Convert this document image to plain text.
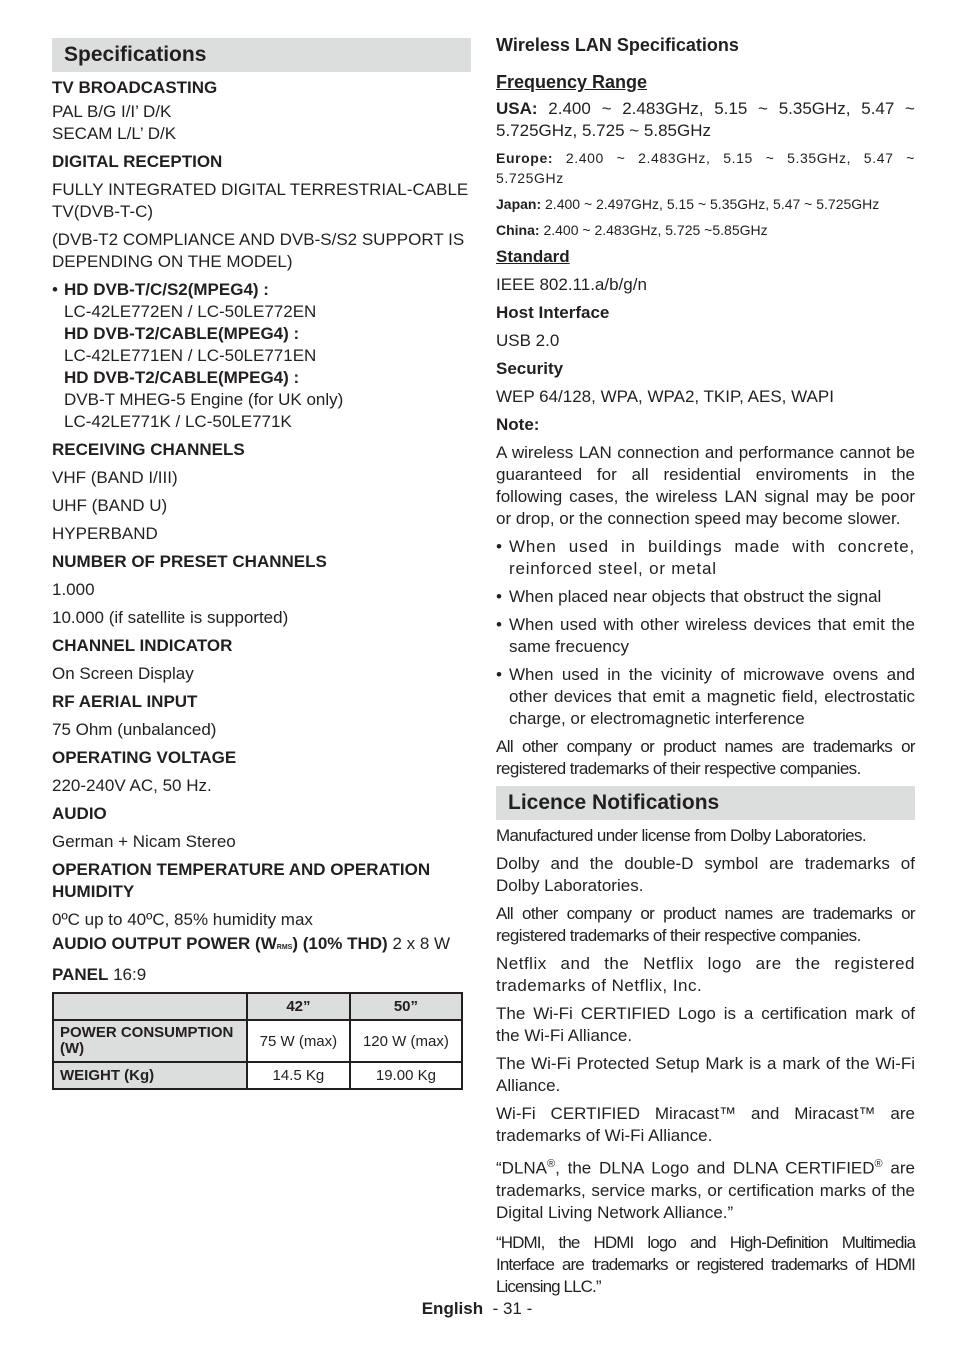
Specifications
TV BROADCASTING
PAL B/G I/I’ D/K
SECAM L/L’ D/K
DIGITAL RECEPTION
FULLY INTEGRATED DIGITAL TERRESTRIAL-CABLE TV(DVB-T-C)
(DVB-T2 COMPLIANCE AND DVB-S/S2 SUPPORT IS DEPENDING ON THE MODEL)
• HD DVB-T/C/S2(MPEG4) :
LC-42LE772EN / LC-50LE772EN
HD DVB-T2/CABLE(MPEG4) :
LC-42LE771EN / LC-50LE771EN
HD DVB-T2/CABLE(MPEG4) :
DVB-T MHEG-5 Engine (for UK only)
LC-42LE771K / LC-50LE771K
RECEIVING CHANNELS
VHF (BAND I/III)
UHF (BAND U)
HYPERBAND
NUMBER OF PRESET CHANNELS
1.000
10.000 (if satellite is supported)
CHANNEL INDICATOR
On Screen Display
RF AERIAL INPUT
75 Ohm (unbalanced)
OPERATING VOLTAGE
220-240V AC, 50 Hz.
AUDIO
German + Nicam Stereo
OPERATION TEMPERATURE AND OPERATION HUMIDITY
0ºC up to 40ºC, 85% humidity max
AUDIO OUTPUT POWER (WRMS) (10% THD) 2 x 8 W
PANEL 16:9
	42”	50”
POWER CONSUMPTION (W)	75 W (max)	120 W (max)
WEIGHT (Kg)	14.5 Kg	19.00 Kg
Wireless LAN Specifications
Frequency Range
USA: 2.400 ~ 2.483GHz, 5.15 ~ 5.35GHz, 5.47 ~ 5.725GHz, 5.725 ~ 5.85GHz
Europe: 2.400 ~ 2.483GHz, 5.15 ~ 5.35GHz, 5.47 ~ 5.725GHz
Japan: 2.400 ~ 2.497GHz, 5.15 ~ 5.35GHz, 5.47 ~ 5.725GHz
China: 2.400 ~ 2.483GHz, 5.725 ~5.85GHz
Standard
IEEE 802.11.a/b/g/n
Host Interface
USB 2.0
Security
WEP 64/128, WPA, WPA2, TKIP, AES, WAPI
Note:
A wireless LAN connection and performance cannot be guaranteed for all residential enviroments in the following cases, the wireless LAN signal may be poor or drop, or the connection speed may become slower.
• When used in buildings made with concrete, reinforced steel, or metal
• When placed near objects that obstruct the signal
• When used with other wireless devices that emit the same frecuency
• When used in the vicinity of microwave ovens and other devices that emit a magnetic field, electrostatic charge, or electromagnetic interference
All other company or product names are trademarks or registered trademarks of their respective companies.
Licence Notifications
Manufactured under license from Dolby Laboratories.
Dolby and the double-D symbol are trademarks of Dolby Laboratories.
All other company or product names are trademarks or registered trademarks of their respective companies.
Netflix and the Netflix logo are the registered trademarks of Netflix, Inc.
The Wi-Fi CERTIFIED Logo is a certification mark of the Wi-Fi Alliance.
The Wi-Fi Protected Setup Mark is a mark of the Wi-Fi Alliance.
Wi-Fi CERTIFIED Miracast™ and Miracast™ are trademarks of Wi-Fi Alliance.
“DLNA®, the DLNA Logo and DLNA CERTIFIED® are trademarks, service marks, or certification marks of the Digital Living Network Alliance.”
“HDMI, the HDMI logo and High-Definition Multimedia Interface are trademarks or registered trademarks of HDMI Licensing LLC.”
English - 31 -
